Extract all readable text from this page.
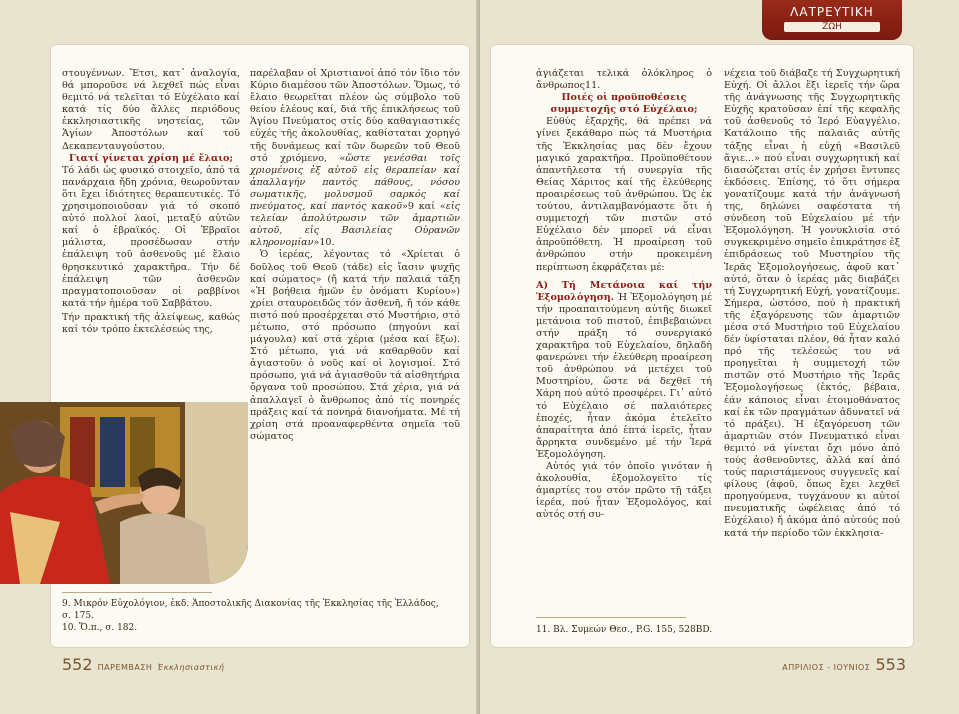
στουγέννων. Ἔτσι, κατ᾽ ἀναλογία, θά μποροῦσε νά λεχθεῖ πώς εἶναι θεμιτό νά τελεῖται τό Εὐχέλαιο καί κατά τίς δύο ἄλλες περιόδους ἐκκλησιαστικῆς νηστείας, τῶν Ἁγίων Ἀποστόλων καί τοῦ Δεκαπενταυγούστου.

Γιατί γίνεται χρίση μέ ἔλαιο;

Τό λάδι ὡς φυσικό στοιχεῖο, ἀπό τά πανάρχαια ἤδη χρόνια, θεωροῦνταν ὅτι ἔχει ἰδιότητες θεραπευτικές. Τό χρησιμοποιοῦσαν γιά τό σκοπό αὐτό πολλοί λαοί, μεταξύ αὐτῶν καί ὁ ἑβραϊκός. Οἱ Ἑβραῖοι μάλιστα, προσέδωσαν στήν ἐπάλειψη τοῦ ἀσθενοῦς μέ ἔλαιο θρησκευτικό χαρακτῆρα. Τήν δέ ἐπάλειψη τῶν ἀσθενῶν πραγματοποιοῦσαν οἱ ραββίνοι κατά τήν ἡμέρα τοῦ Σαββάτου.

Τήν πρακτική τῆς ἀλείψεως, καθώς καί τόν τρόπο ἐκτελέσεώς της,

παρέλαβαν οἱ Χριστιανοί ἀπό τόν ἴδιο τόν Κύριο διαμέσου τῶν Ἀποστόλων. Ὅμως, τό ἔλαιο θεωρεῖται πλέον ὡς σύμβολο τοῦ θείου ἐλέους καί, διά τῆς ἐπικλήσεως τοῦ Ἁγίου Πνεύματος στίς δύο καθαγιαστικές εὐχές τῆς ἀκολουθίας, καθίσταται χορηγό τῆς δυνάμεως καί τῶν δωρεῶν τοῦ Θεοῦ στό χριόμενο, «ὥστε γενέσθαι τοῖς χριομένοις ἐξ αὐτοῦ εἰς θεραπείαν καί ἀπαλλαγήν παντός πάθους, νόσου σωματικῆς, μολυσμοῦ σαρκός καί πνεύματος, καί παντός κακοῦ»9 καί «εἰς τελείαν ἀπολύτρωσιν τῶν ἁμαρτιῶν αὐτοῦ, εἰς Βασιλείας Οὐρανῶν κληρονομίαν»10.

Ὁ ἱερέας, λέγοντας τό «Χρίεται ὁ δοῦλος τοῦ Θεοῦ (τάδε) εἰς ἴασιν ψυχῆς καί σώματος» (ἤ κατά τήν παλαιά τάξη «Ἡ βοήθεια ἡμῶν ἐν ὀνόματι Κυρίου») χρίει σταυροειδῶς τόν ἀσθενῆ, ἤ τόν κάθε πιστό πού προσέρχεται στό Μυστήριο, στό μέτωπο, στό πρόσωπο (πηγούνι καί μάγουλα) καί στά χέρια (μέσα καί ἔξω). Στό μέτωπο, γιά νά καθαρθοῦν καί ἁγιαστοῦν ὁ νοῦς καί οἱ λογισμοί. Στό πρόσωπο, γιά νά ἁγιασθοῦν τά αἰσθητήρια ὄργανα τοῦ προσώπου. Στά χέρια, γιά νά ἀπαλλαγεῖ ὁ ἄνθρωπος ἀπό τίς πονηρές πράξεις καί τά πονηρά διανοήματα. Μέ τή χρίση στά προαναφερθέντα σημεῖα τοῦ σώματος

9. Μικρόν Εὐχολόγιον, ἐκδ. Ἀποστολικῆς Διακονίας τῆς Ἐκκλησίας τῆς Ἑλλάδος, σ. 175.
10. Ὅ.π., σ. 182.
552 ΠΑΡΕΜΒΑΣΗ Ἐκκλησιαστική
ΛΑΤΡΕΥΤΙΚΗ
ΖΩΗ

ἁγιάζεται τελικά ὁλόκληρος ὁ ἄνθρωπος11.

Ποιές οἱ προϋποθέσεις συμμετοχῆς στό Εὐχέλαιο;

Εὐθύς ἐξαρχῆς, θά πρέπει νά γίνει ξεκάθαρο πώς τά Μυστήρια τῆς Ἐκκλησίας μας δέν ἔχουν μαγικό χαρακτῆρα. Προϋποθέτουν ἀπαντῆλεστα τή συνεργία τῆς Θείας Χάριτος καί τῆς ἐλεύθερης προαιρέσεως τοῦ ἀνθρώπου. Ὡς ἐκ τούτου, ἀντιλαμβανόμαστε ὅτι ἡ συμμετοχή τῶν πιστῶν στό Εὐχέλαιο δέν μπορεῖ νά εἶναι ἀπροϋπόθετη. Ἡ προαίρεση τοῦ ἀνθρώπου στήν προκειμένη περίπτωση ἐκφράζεται μέ:

Α) Τή Μετάνοια καί τήν Ἐξομολόγηση. Ἡ Ἐξομολόγηση μέ τήν προαπαιτούμενη αὐτῆς διωκεῖ μετάνοια τοῦ πιστοῦ, ἐπιβεβαιώνει στήν πράξη τό συνεργιακό χαρακτῆρα τοῦ Εὐχελαίου, δηλαδή φανερώνει τήν ἐλεύθερη προαίρεση τοῦ ἀνθρώπου νά μετέχει τοῦ Μυστηρίου, ὥστε νά δεχθεῖ τή Χάρη πού αὐτό προσφέρει. Γι᾽ αὐτό τό Εὐχέλαιο σέ παλαιότερες ἐποχές, ἦταν ἀκόμα ἐτελεῖτο ἀπαραίτητα ἀπό ἑπτά ἱερεῖς, ἦταν ἄρρηκτα συνδεμένο μέ τήν Ἱερά Ἐξομολόγηση.

Αὐτός γιά τόν ὁποῖο γινόταν ἡ ἀκολουθία, ἐξομολογεῖτο τίς ἁμαρτίες του στόν πρῶτο τῇ τάξει ἱερέα, πού ἦταν Ἐξομολόγος, καί αὐτός στή συ-

νέχεια τοῦ διάβαζε τή Συγχωρητική Εὐχή. Οἱ ἄλλοι ἕξι ἱερεῖς τήν ὥρα τῆς ἀνάγνωσης τῆς Συγχωρητικῆς Εὐχῆς κρατοῦσαν ἐπί τῆς κεφαλῆς τοῦ ἀσθενοῦς τό Ἱερό Εὐαγγέλιο. Κατάλοιπο τῆς παλαιᾶς αὐτῆς τάξης εἶναι ἡ εὐχή «Βασιλεῦ ἅγιε...» πού εἶναι συγχωρητική καί διασώζεται στίς ἐν χρήσει ἔντυπες ἐκδόσεις. Ἐπίσης, τό ὅτι σήμερα γονατίζουμε κατά τήν ἀνάγνωσή της, δηλώνει σαφέστατα τή σύνδεση τοῦ Εὐχελαίου μέ τήν Ἐξομολόγηση. Ἡ γονυκλισία στό συγκεκριμένο σημεῖο ἐπικράτησε ἐξ ἐπιδράσεως τοῦ Μυστηρίου τῆς Ἱερᾶς Ἐξομολογήσεως, ἀφοῦ κατ᾽ αὐτό, ὅταν ὁ ἱερέας μᾶς διαβάζει τή Συγχωρητική Εὐχή, γονατίζουμε. Σήμερα, ὡστόσο, πού ἡ πρακτική τῆς ἐξαγόρευσης τῶν ἁμαρτιῶν μέσα στό Μυστήριο τοῦ Εὐχελαίου δέν ὑφίσταται πλέον, θά ἦταν καλό πρό τῆς τελέσεώς του νά προηγεῖται ἡ συμμετοχή τῶν πιστῶν στό Μυστήριο τῆς Ἱερᾶς Ἐξομολογήσεως (ἐκτός, βέβαια, ἐάν κάποιος εἶναι ἑτοιμοθάνατος καί ἐκ τῶν πραγμάτων ἀδυνατεῖ νά τό πράξει). Ἡ ἐξαγόρευση τῶν ἁμαρτιῶν στόν Πνευματικό εἶναι θεμιτό νά γίνεται ὄχι μόνο ἀπό τούς ἀσθενοῦντες, ἀλλά καί ἀπό τούς παριστάμενους συγγενεῖς καί φίλους (ἀφοῦ, ὅπως ἔχει λεχθεῖ προηγούμενα, τυγχάνουν κι αὐτοί πνευματικῆς ὠφέλειας ἀπό τό Εὐχέλαιο) ἤ ἀκόμα ἀπό αὐτούς πού κατά τήν περίοδο τῶν ἐκκλησια-

11. Βλ. Συμεών Θεσ., P.G. 155, 528BD.
ΑΠΡΙΛΙΟΣ - ΙΟΥΝΙΟΣ 553
